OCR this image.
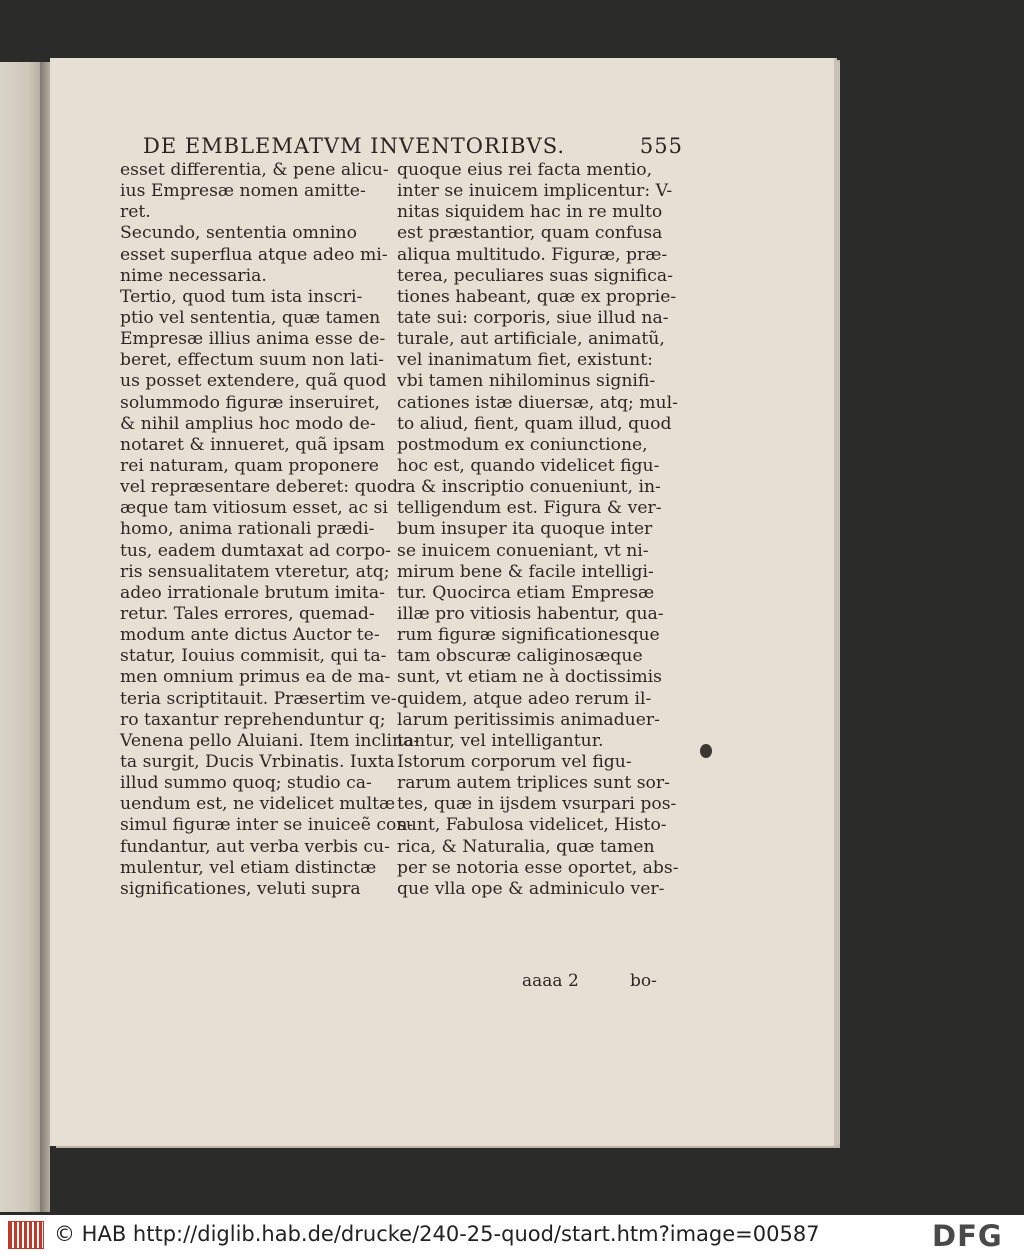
DE EMBLEMATVM INVENTORIBVS.	555
esset differentia, & pene alicu-
ius Empresæ nomen amitte-
ret.
Secundo, sententia omnino
esset superflua atque adeo mi-
nime necessaria.
Tertio, quod tum ista inscri-
ptio vel sententia, quæ tamen
Empresæ illius anima esse de-
beret, effectum suum non lati-
us posset extendere, quã quod
solummodo figuræ inseruiret,
& nihil amplius hoc modo de-
notaret & innueret, quã ipsam
rei naturam, quam proponere
vel repræsentare deberet: quod
æque tam vitiosum esset, ac si
homo, anima rationali prædi-
tus, eadem dumtaxat ad corpo-
ris sensualitatem vteretur, atq;
adeo irrationale brutum imita-
retur. Tales errores, quemad-
modum ante dictus Auctor te-
statur, Iouius commisit, qui ta-
men omnium primus ea de ma-
teria scriptitauit. Præsertim ve-
ro taxantur reprehenduntur q;
Venena pello Aluiani. Item inclina-
ta surgit, Ducis Vrbinatis. Iuxta
illud summo quoq; studio ca-
uendum est, ne videlicet multæ
simul figuræ inter se inuiceẽ con-
fundantur, aut verba verbis cu-
mulentur, vel etiam distinctæ
significationes, veluti supra
quoque eius rei facta mentio,
inter se inuicem implicentur: V-
nitas siquidem hac in re multo
est præstantior, quam confusa
aliqua multitudo. Figuræ, præ-
terea, peculiares suas significa-
tiones habeant, quæ ex proprie-
tate sui: corporis, siue illud na-
turale, aut artificiale, animatũ,
vel inanimatum fiet, existunt:
vbi tamen nihilominus signifi-
cationes istæ diuersæ, atq; mul-
to aliud, fient, quam illud, quod
postmodum ex coniunctione,
hoc est, quando videlicet figu-
ra & inscriptio conueniunt, in-
telligendum est. Figura & ver-
bum insuper ita quoque inter
se inuicem conueniant, vt ni-
mirum bene & facile intelligi-
tur. Quocirca etiam Empresæ
illæ pro vitiosis habentur, qua-
rum figuræ significationesque
tam obscuræ caliginosæque
sunt, vt etiam ne à doctissimis
quidem, atque adeo rerum il-
larum peritissimis animaduer-
tantur, vel intelligantur.
Istorum corporum vel figu-
rarum autem triplices sunt sor-
tes, quæ in ijsdem vsurpari pos-
sunt, Fabulosa videlicet, Histo-
rica, & Naturalia, quæ tamen
per se notoria esse oportet, abs-
que vlla ope & adminiculo ver-
aaaa 2	bo-
© HAB http://diglib.hab.de/drucke/240-25-quod/start.htm?image=00587	DFG
